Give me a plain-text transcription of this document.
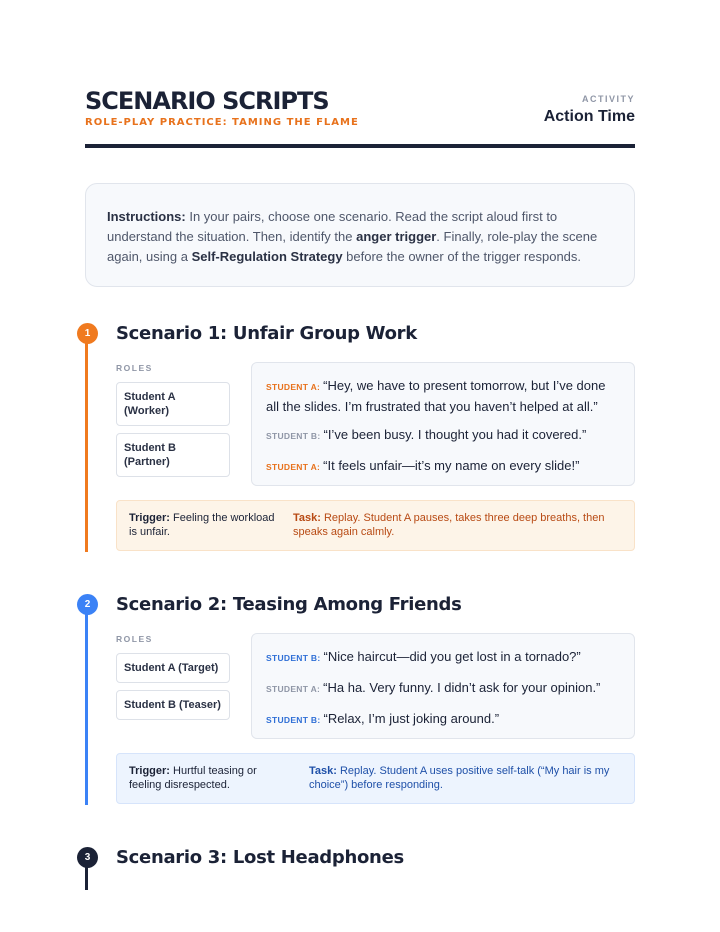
SCENARIO SCRIPTS
ROLE-PLAY PRACTICE: TAMING THE FLAME
ACTIVITY
Action Time
Instructions: In your pairs, choose one scenario. Read the script aloud first to understand the situation. Then, identify the anger trigger. Finally, role-play the scene again, using a Self-Regulation Strategy before the owner of the trigger responds.
1	Scenario 1: Unfair Group Work
ROLES
Student A (Worker)
Student B (Partner)
STUDENT A: “Hey, we have to present tomorrow, but I’ve done all the slides. I’m frustrated that you haven’t helped at all.”
STUDENT B: “I’ve been busy. I thought you had it covered.”
STUDENT A: “It feels unfair—it’s my name on every slide!”
Trigger: Feeling the workload is unfair.
Task: Replay. Student A pauses, takes three deep breaths, then speaks again calmly.
2	Scenario 2: Teasing Among Friends
ROLES
Student A (Target)
Student B (Teaser)
STUDENT B: “Nice haircut—did you get lost in a tornado?”
STUDENT A: “Ha ha. Very funny. I didn’t ask for your opinion.”
STUDENT B: “Relax, I’m just joking around.”
Trigger: Hurtful teasing or feeling disrespected.
Task: Replay. Student A uses positive self-talk (“My hair is my choice”) before responding.
3	Scenario 3: Lost Headphones
